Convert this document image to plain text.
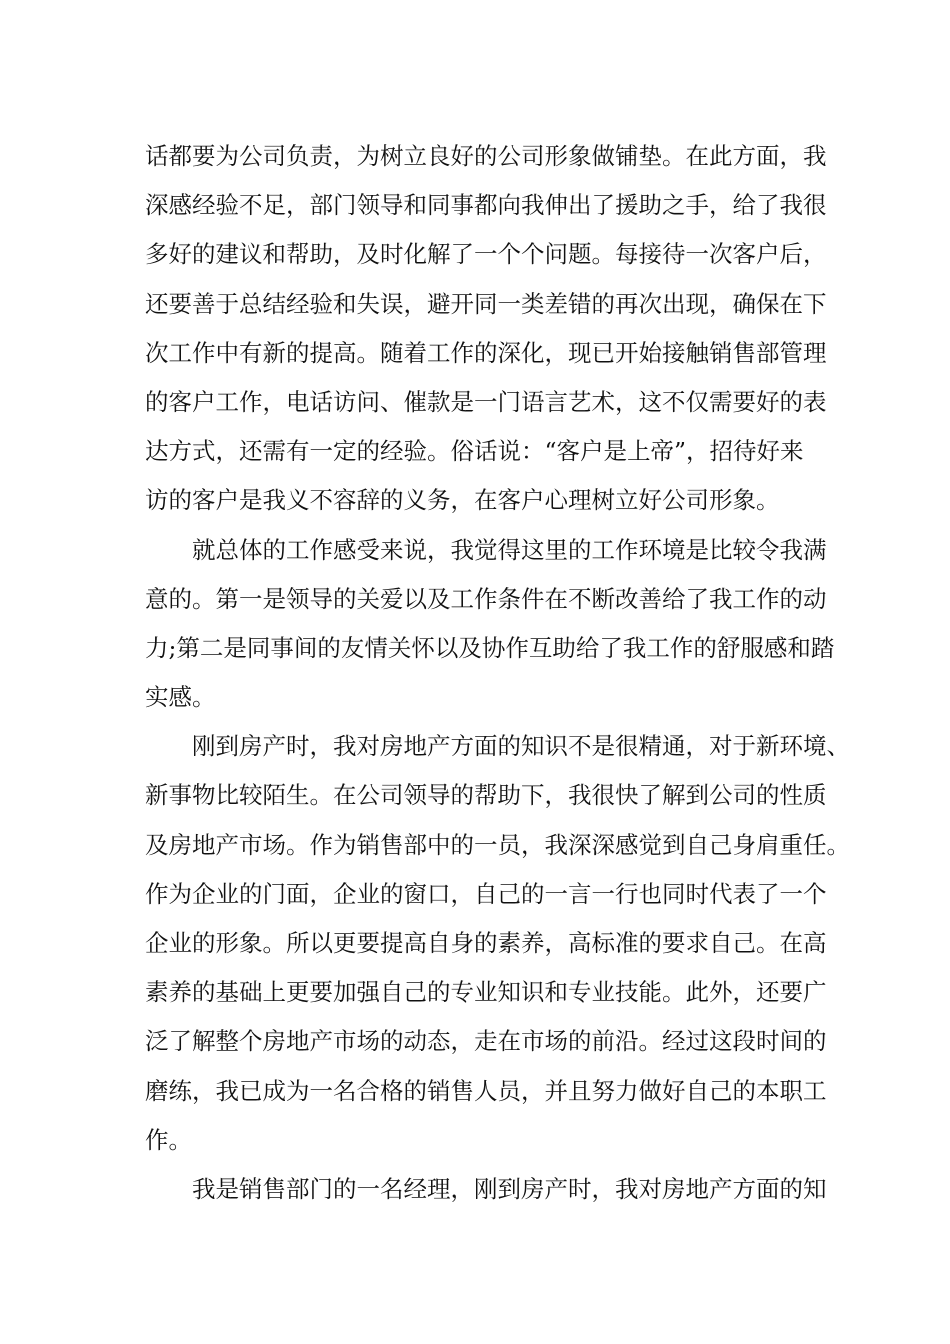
话都要为公司负责，为树立良好的公司形象做铺垫。在此方面，我
深感经验不足，部门领导和同事都向我伸出了援助之手，给了我很
多好的建议和帮助，及时化解了一个个问题。每接待一次客户后，
还要善于总结经验和失误，避开同一类差错的再次出现，确保在下
次工作中有新的提高。随着工作的深化，现已开始接触销售部管理
的客户工作，电话访问、催款是一门语言艺术，这不仅需要好的表
达方式，还需有一定的经验。俗话说：“客户是上帝”，招待好来
访的客户是我义不容辞的义务，在客户心理树立好公司形象。
就总体的工作感受来说，我觉得这里的工作环境是比较令我满
意的。第一是领导的关爱以及工作条件在不断改善给了我工作的动
力;第二是同事间的友情关怀以及协作互助给了我工作的舒服感和踏
实感。
刚到房产时，我对房地产方面的知识不是很精通，对于新环境、
新事物比较陌生。在公司领导的帮助下，我很快了解到公司的性质
及房地产市场。作为销售部中的一员，我深深感觉到自己身肩重任。
作为企业的门面，企业的窗口，自己的一言一行也同时代表了一个
企业的形象。所以更要提高自身的素养，高标准的要求自己。在高
素养的基础上更要加强自己的专业知识和专业技能。此外，还要广
泛了解整个房地产市场的动态，走在市场的前沿。经过这段时间的
磨练，我已成为一名合格的销售人员，并且努力做好自己的本职工
作。
我是销售部门的一名经理，刚到房产时，我对房地产方面的知
